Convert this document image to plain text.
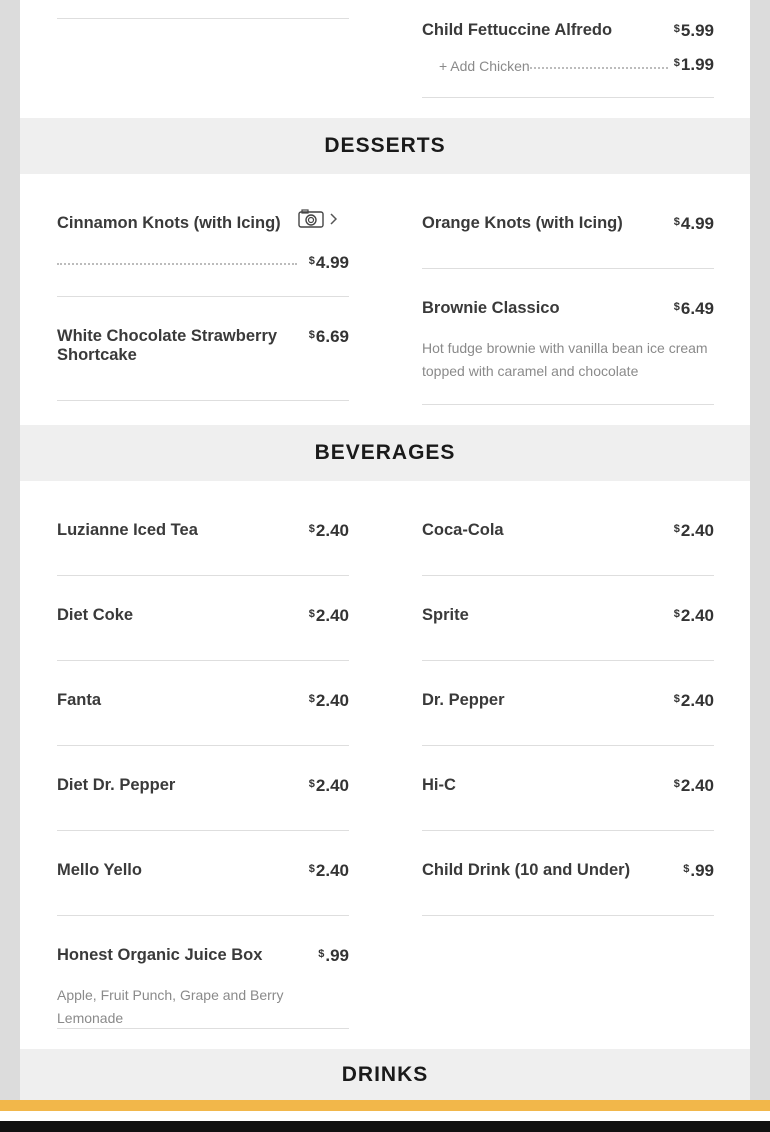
Child Fettuccine Alfredo	$5.99
+ Add Chicken	$1.99
DESSERTS
Cinnamon Knots (with Icing)
$4.99
Orange Knots (with Icing)	$4.99
White Chocolate Strawberry
Shortcake
$6.69
Brownie Classico	$6.49
Hot fudge brownie with vanilla bean ice cream
topped with caramel and chocolate
BEVERAGES
Luzianne Iced Tea	$2.40
Diet Coke	$2.40
Fanta	$2.40
Diet Dr. Pepper	$2.40
Mello Yello	$2.40
Honest Organic Juice Box	$.99
Apple, Fruit Punch, Grape and Berry Lemonade
Coca-Cola	$2.40
Sprite	$2.40
Dr. Pepper	$2.40
Hi-C	$2.40
Child Drink (10 and Under)	$.99
DRINKS
